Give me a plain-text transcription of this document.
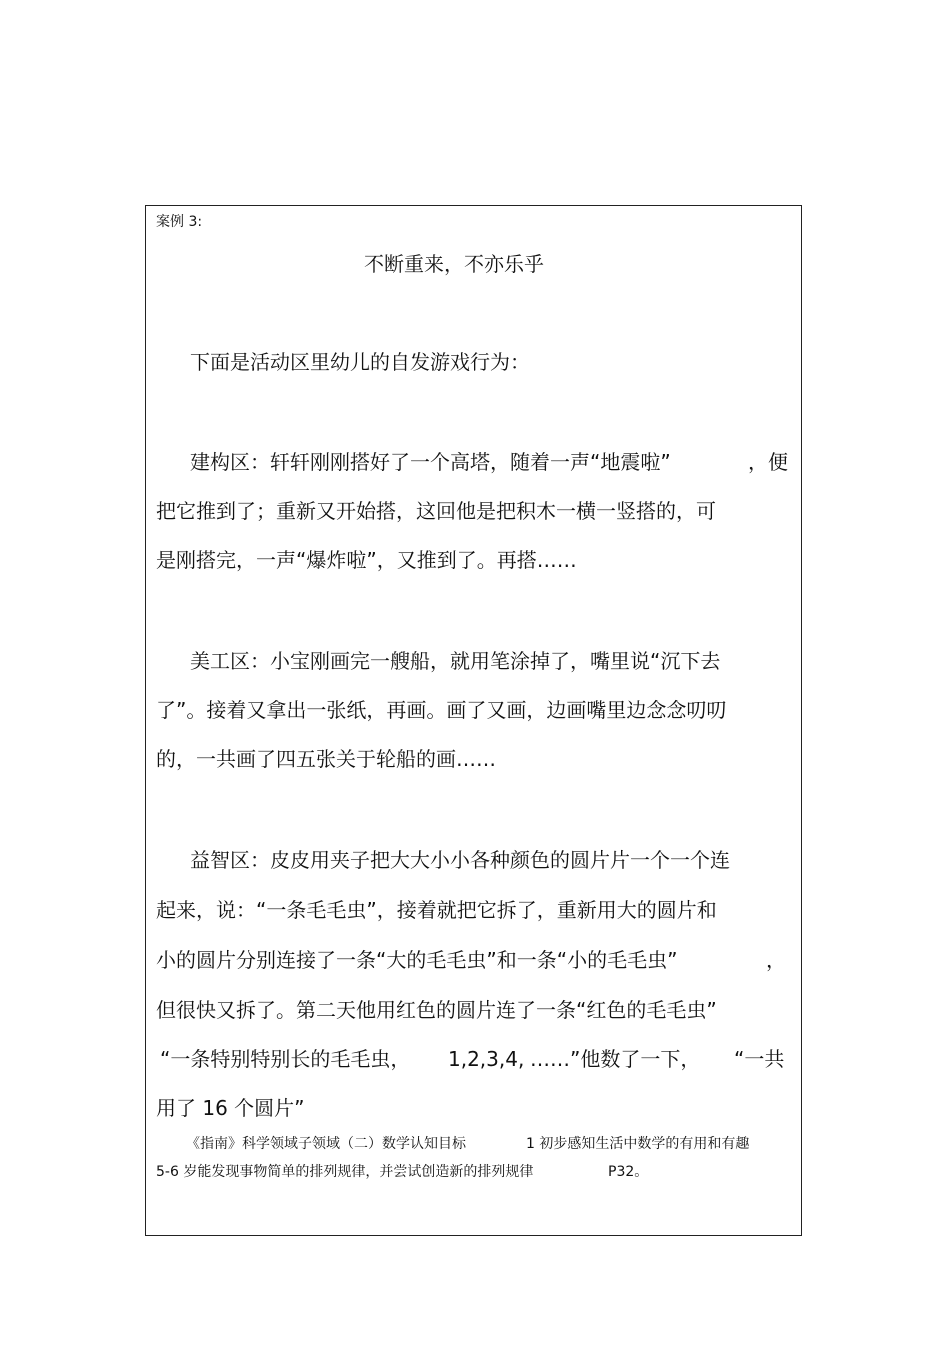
案例 3:
不断重来，不亦乐乎
下面是活动区里幼儿的自发游戏行为：
建构区：轩轩刚刚搭好了一个高塔，随着一声“地震啦”	，便
把它推到了；重新又开始搭，这回他是把积木一横一竖搭的，可
是刚搭完，一声“爆炸啦”，又推到了。再搭……
美工区：小宝刚画完一艘船，就用笔涂掉了，嘴里说“沉下去
了”。接着又拿出一张纸，再画。画了又画，边画嘴里边念念叨叨
的，一共画了四五张关于轮船的画……
益智区：皮皮用夹子把大大小小各种颜色的圆片片一个一个连
起来，说：“一条毛毛虫”，接着就把它拆了，重新用大的圆片和
小的圆片分别连接了一条“大的毛毛虫”和一条“小的毛毛虫”	，
但很快又拆了。第二天他用红色的圆片连了一条“红色的毛毛虫”
“一条特别特别长的毛毛虫， 1,2,3,4, ……”他数了一下， “一共
用了 16 个圆片”
《指南》科学领域子领域（二）数学认知目标	1 初步感知生活中数学的有用和有趣
5-6 岁能发现事物简单的排列规律，并尝试创造新的排列规律	P32。
